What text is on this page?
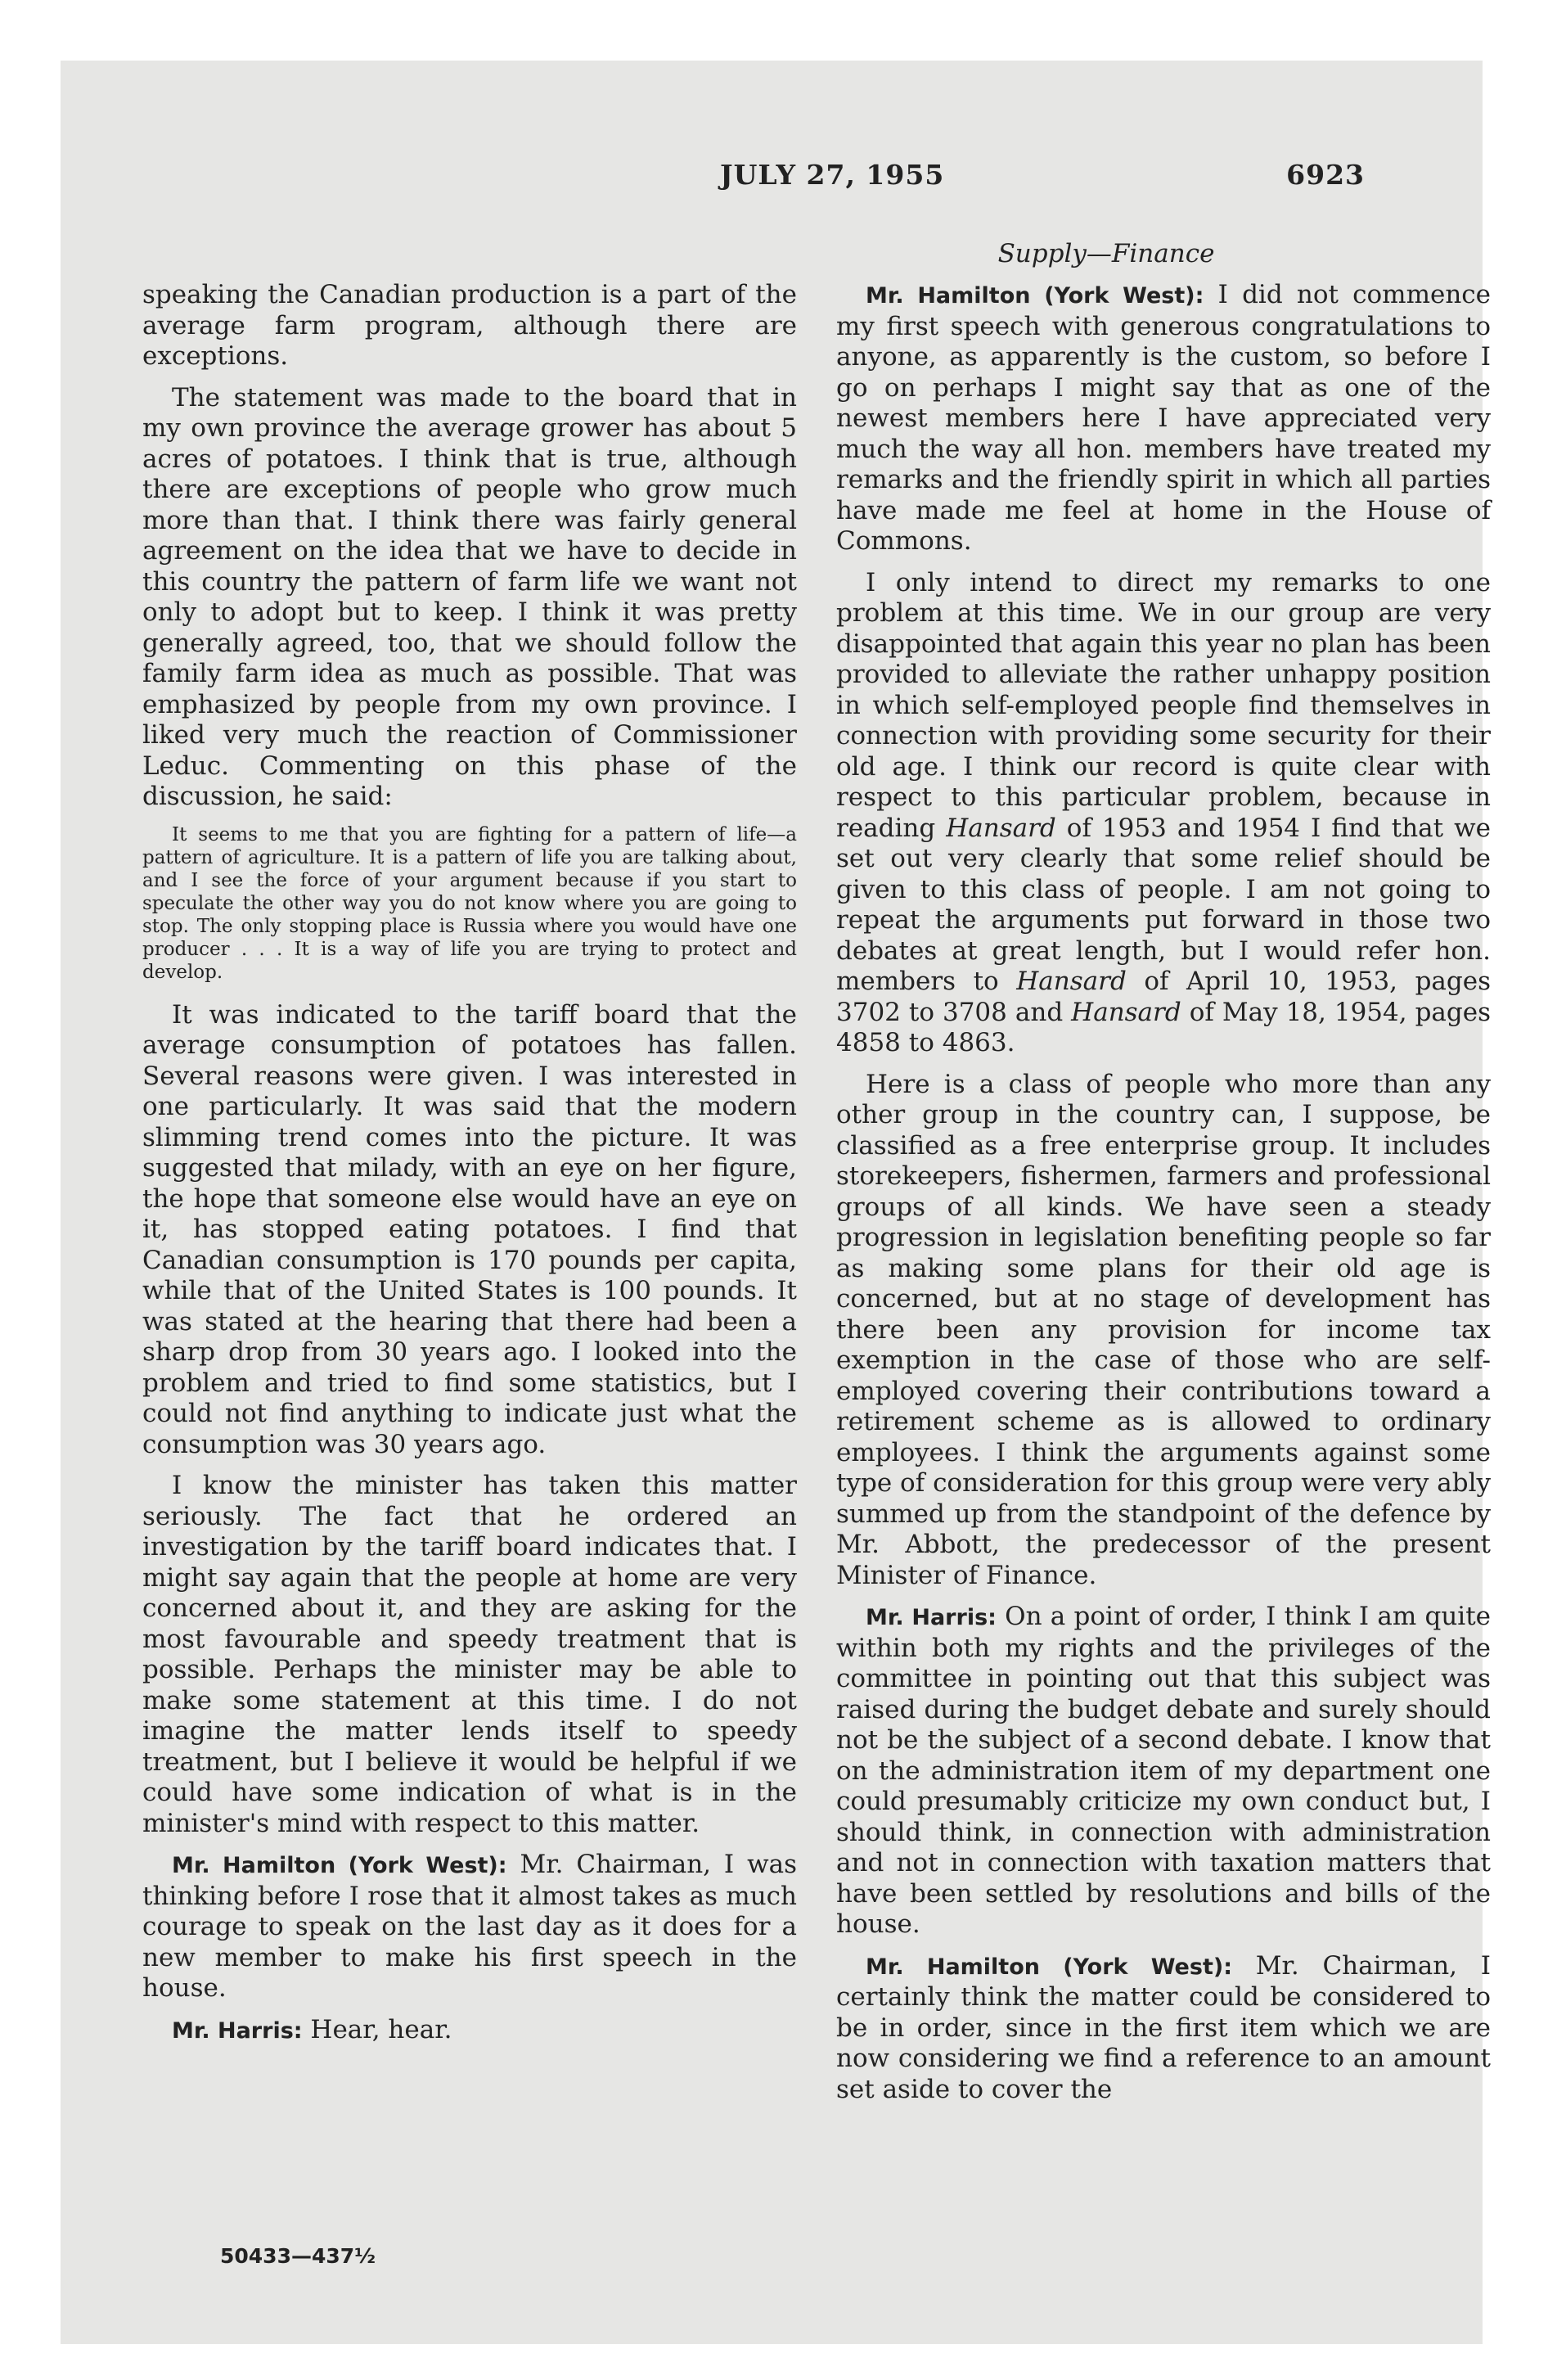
JULY 27, 1955	6923
Supply—Finance

speaking the Canadian production is a part of the average farm program, although there are exceptions.

The statement was made to the board that in my own province the average grower has about 5 acres of potatoes. I think that is true, although there are exceptions of people who grow much more than that. I think there was fairly general agreement on the idea that we have to decide in this country the pattern of farm life we want not only to adopt but to keep. I think it was pretty generally agreed, too, that we should follow the family farm idea as much as possible. That was emphasized by people from my own province. I liked very much the reaction of Commissioner Leduc. Commenting on this phase of the discussion, he said:

It seems to me that you are fighting for a pattern of life—a pattern of agriculture. It is a pattern of life you are talking about, and I see the force of your argument because if you start to speculate the other way you do not know where you are going to stop. The only stopping place is Russia where you would have one producer . . . It is a way of life you are trying to protect and develop.

It was indicated to the tariff board that the average consumption of potatoes has fallen. Several reasons were given. I was interested in one particularly. It was said that the modern slimming trend comes into the picture. It was suggested that milady, with an eye on her figure, the hope that someone else would have an eye on it, has stopped eating potatoes. I find that Canadian consumption is 170 pounds per capita, while that of the United States is 100 pounds. It was stated at the hearing that there had been a sharp drop from 30 years ago. I looked into the problem and tried to find some statistics, but I could not find anything to indicate just what the consumption was 30 years ago.

I know the minister has taken this matter seriously. The fact that he ordered an investigation by the tariff board indicates that. I might say again that the people at home are very concerned about it, and they are asking for the most favourable and speedy treatment that is possible. Perhaps the minister may be able to make some statement at this time. I do not imagine the matter lends itself to speedy treatment, but I believe it would be helpful if we could have some indication of what is in the minister's mind with respect to this matter.

Mr. Hamilton (York West): Mr. Chairman, I was thinking before I rose that it almost takes as much courage to speak on the last day as it does for a new member to make his first speech in the house.

Mr. Harris: Hear, hear.

Mr. Hamilton (York West): I did not commence my first speech with generous congratulations to anyone, as apparently is the custom, so before I go on perhaps I might say that as one of the newest members here I have appreciated very much the way all hon. members have treated my remarks and the friendly spirit in which all parties have made me feel at home in the House of Commons.

I only intend to direct my remarks to one problem at this time. We in our group are very disappointed that again this year no plan has been provided to alleviate the rather unhappy position in which self-employed people find themselves in connection with providing some security for their old age. I think our record is quite clear with respect to this particular problem, because in reading Hansard of 1953 and 1954 I find that we set out very clearly that some relief should be given to this class of people. I am not going to repeat the arguments put forward in those two debates at great length, but I would refer hon. members to Hansard of April 10, 1953, pages 3702 to 3708 and Hansard of May 18, 1954, pages 4858 to 4863.

Here is a class of people who more than any other group in the country can, I suppose, be classified as a free enterprise group. It includes storekeepers, fishermen, farmers and professional groups of all kinds. We have seen a steady progression in legislation benefiting people so far as making some plans for their old age is concerned, but at no stage of development has there been any provision for income tax exemption in the case of those who are self-employed covering their contributions toward a retirement scheme as is allowed to ordinary employees. I think the arguments against some type of consideration for this group were very ably summed up from the standpoint of the defence by Mr. Abbott, the predecessor of the present Minister of Finance.

Mr. Harris: On a point of order, I think I am quite within both my rights and the privileges of the committee in pointing out that this subject was raised during the budget debate and surely should not be the subject of a second debate. I know that on the administration item of my department one could presumably criticize my own conduct but, I should think, in connection with administration and not in connection with taxation matters that have been settled by resolutions and bills of the house.

Mr. Hamilton (York West): Mr. Chairman, I certainly think the matter could be considered to be in order, since in the first item which we are now considering we find a reference to an amount set aside to cover the

50433—437½
